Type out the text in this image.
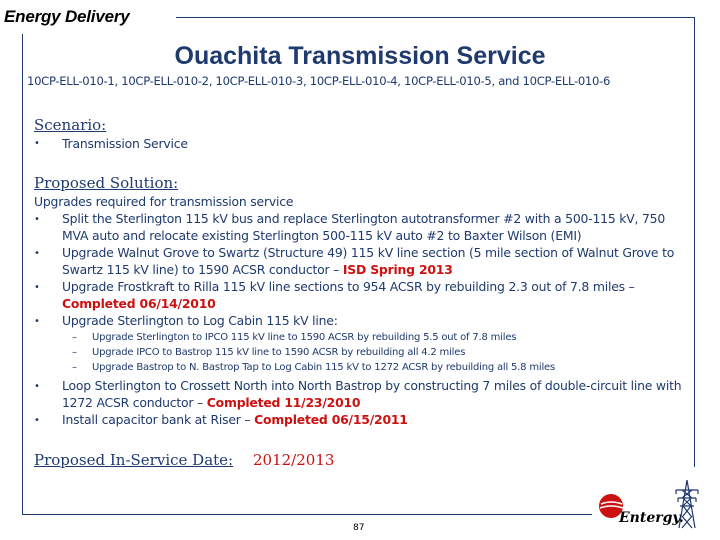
Energy Delivery
Ouachita Transmission Service
10CP-ELL-010-1, 10CP-ELL-010-2, 10CP-ELL-010-3, 10CP-ELL-010-4, 10CP-ELL-010-5, and 10CP-ELL-010-6
Scenario:
• Transmission Service
Proposed Solution:
Upgrades required for transmission service
• Split the Sterlington 115 kV bus and replace Sterlington autotransformer #2 with a 500-115 kV, 750 MVA auto and relocate existing Sterlington 500-115 kV auto #2 to Baxter Wilson (EMI)
• Upgrade Walnut Grove to Swartz (Structure 49) 115 kV line section (5 mile section of Walnut Grove to Swartz 115 kV line) to 1590 ACSR conductor – ISD Spring 2013
• Upgrade Frostkraft to Rilla 115 kV line sections to 954 ACSR by rebuilding 2.3 out of 7.8 miles – Completed 06/14/2010
• Upgrade Sterlington to Log Cabin 115 kV line:
– Upgrade Sterlington to IPCO 115 kV line to 1590 ACSR by rebuilding 5.5 out of 7.8 miles
– Upgrade IPCO to Bastrop 115 kV line to 1590 ACSR by rebuilding all 4.2 miles
– Upgrade Bastrop to N. Bastrop Tap to Log Cabin 115 kV to 1272 ACSR by rebuilding all 5.8 miles
• Loop Sterlington to Crossett North into North Bastrop by constructing 7 miles of double-circuit line with 1272 ACSR conductor – Completed 11/23/2010
• Install capacitor bank at Riser – Completed 06/15/2011
Proposed In-Service Date: 2012/2013
87
Entergy.
